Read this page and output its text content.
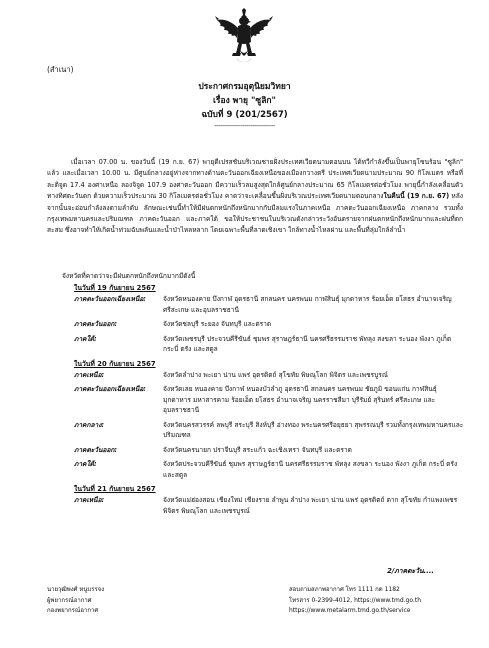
(สำเนา)
ประกาศกรมอุตุนิยมวิทยา
เรื่อง พายุ "ซูลิก"
ฉบับที่ 9 (201/2567)
------------------------------

เมื่อเวลา 07.00 น. ของวันนี้ (19 ก.ย. 67) พายุดีเปรสชันบริเวณชายฝั่งประเทศเวียดนามตอนบน ได้ทวีกำลังขึ้นเป็นพายุโซนร้อน "ซูลิก" แล้ว และเมื่อเวลา 10.00 น. มีศูนย์กลางอยู่ห่างจากทางด้านตะวันออกเฉียงเหนือของเมืองกวางตรี ประเทศเวียดนามประมาณ 90 กิโลเมตร หรือที่ละติจูด 17.4 องศาเหนือ ลองจิจูด 107.9 องศาตะวันออก มีความเร็วลมสูงสุดใกล้ศูนย์กลางประมาณ 65 กิโลเมตรต่อชั่วโมง พายุนี้กำลังเคลื่อนตัวทางทิศตะวันตก ด้วยความเร็วประมาณ 30 กิโลเมตรต่อชั่วโมง คาดว่าจะเคลื่อนขึ้นฝั่งบริเวณประเทศเวียดนามตอนกลางในคืนนี้ (19 ก.ย. 67) หลังจากนั้นจะอ่อนกำลังลงตามลำดับ ลักษณะเช่นนี้ทำให้มีฝนตกหนักถึงหนักมากกับมีลมแรงในภาคเหนือ ภาคตะวันออกเฉียงเหนือ ภาคกลาง รวมทั้งกรุงเทพมหานครและปริมณฑล ภาคตะวันออก และภาคใต้ ขอให้ประชาชนในบริเวณดังกล่าวระวังอันตรายจากฝนตกหนักถึงหนักมากและฝนที่ตกสะสม ซึ่งอาจทำให้เกิดน้ำท่วมฉับพลันและน้ำป่าไหลหลาก โดยเฉพาะพื้นที่ลาดเชิงเขา ใกล้ทางน้ำไหลผ่าน และพื้นที่ลุ่มใกล้ลำน้ำ

จังหวัดที่คาดว่าจะมีฝนตกหนักถึงหนักมากมีดังนี้
ในวันที่ 19 กันยายน 2567
ภาคตะวันออกเฉียงเหนือ:	จังหวัดหนองคาย บึงกาฬ อุดรธานี สกลนคร นครพนม กาฬสินธุ์ มุกดาหาร ร้อยเอ็ด ยโสธร อำนาจเจริญ ศรีสะเกษ และอุบลราชธานี
ภาคตะวันออก:	จังหวัดชลบุรี ระยอง จันทบุรี และตราด
ภาคใต้:	จังหวัดเพชรบุรี ประจวบคีรีขันธ์ ชุมพร สุราษฎร์ธานี นครศรีธรรมราช พัทลุง สงขลา ระนอง พังงา ภูเก็ต กระบี่ ตรัง และสตูล
ในวันที่ 20 กันยายน 2567
ภาคเหนือ:	จังหวัดลำปาง พะเยา น่าน แพร่ อุตรดิตถ์ สุโขทัย พิษณุโลก พิจิตร และเพชรบูรณ์
ภาคตะวันออกเฉียงเหนือ:	จังหวัดเลย หนองคาย บึงกาฬ หนองบัวลำภู อุดรธานี สกลนคร นครพนม ชัยภูมิ ขอนแก่น กาฬสินธุ์ มุกดาหาร มหาสารคาม ร้อยเอ็ด ยโสธร อำนาจเจริญ นครราชสีมา บุรีรัมย์ สุรินทร์ ศรีสะเกษ และอุบลราชธานี
ภาคกลาง:	จังหวัดนครสวรรค์ ลพบุรี สระบุรี สิงห์บุรี อ่างทอง พระนครศรีอยุธยา สุพรรณบุรี รวมทั้งกรุงเทพมหานครและปริมณฑล
ภาคตะวันออก:	จังหวัดนครนายก ปราจีนบุรี สระแก้ว ฉะเชิงเทรา จันทบุรี และตราด
ภาคใต้:	จังหวัดประจวบคีรีขันธ์ ชุมพร สุราษฎร์ธานี นครศรีธรรมราช พัทลุง สงขลา ระนอง พังงา ภูเก็ต กระบี่ ตรัง และสตูล
ในวันที่ 21 กันยายน 2567
ภาคเหนือ:	จังหวัดแม่ฮ่องสอน เชียงใหม่ เชียงราย ลำพูน ลำปาง พะเยา น่าน แพร่ อุตรดิตถ์ ตาก สุโขทัย กำแพงเพชร พิจิตร พิษณุโลก และเพชรบูรณ์
2/ภาคตะวัน....
นายวุฒิพงศ์ หนูบรรจง
ผู้พยากรณ์อากาศ
กองพยากรณ์อากาศ
สอบถามสภาพอากาศ โทร 1111 กด 1182
โทรสาร 0-2399-4012, https://www.tmd.go.th
https://www.metalarm.tmd.go.th/service
